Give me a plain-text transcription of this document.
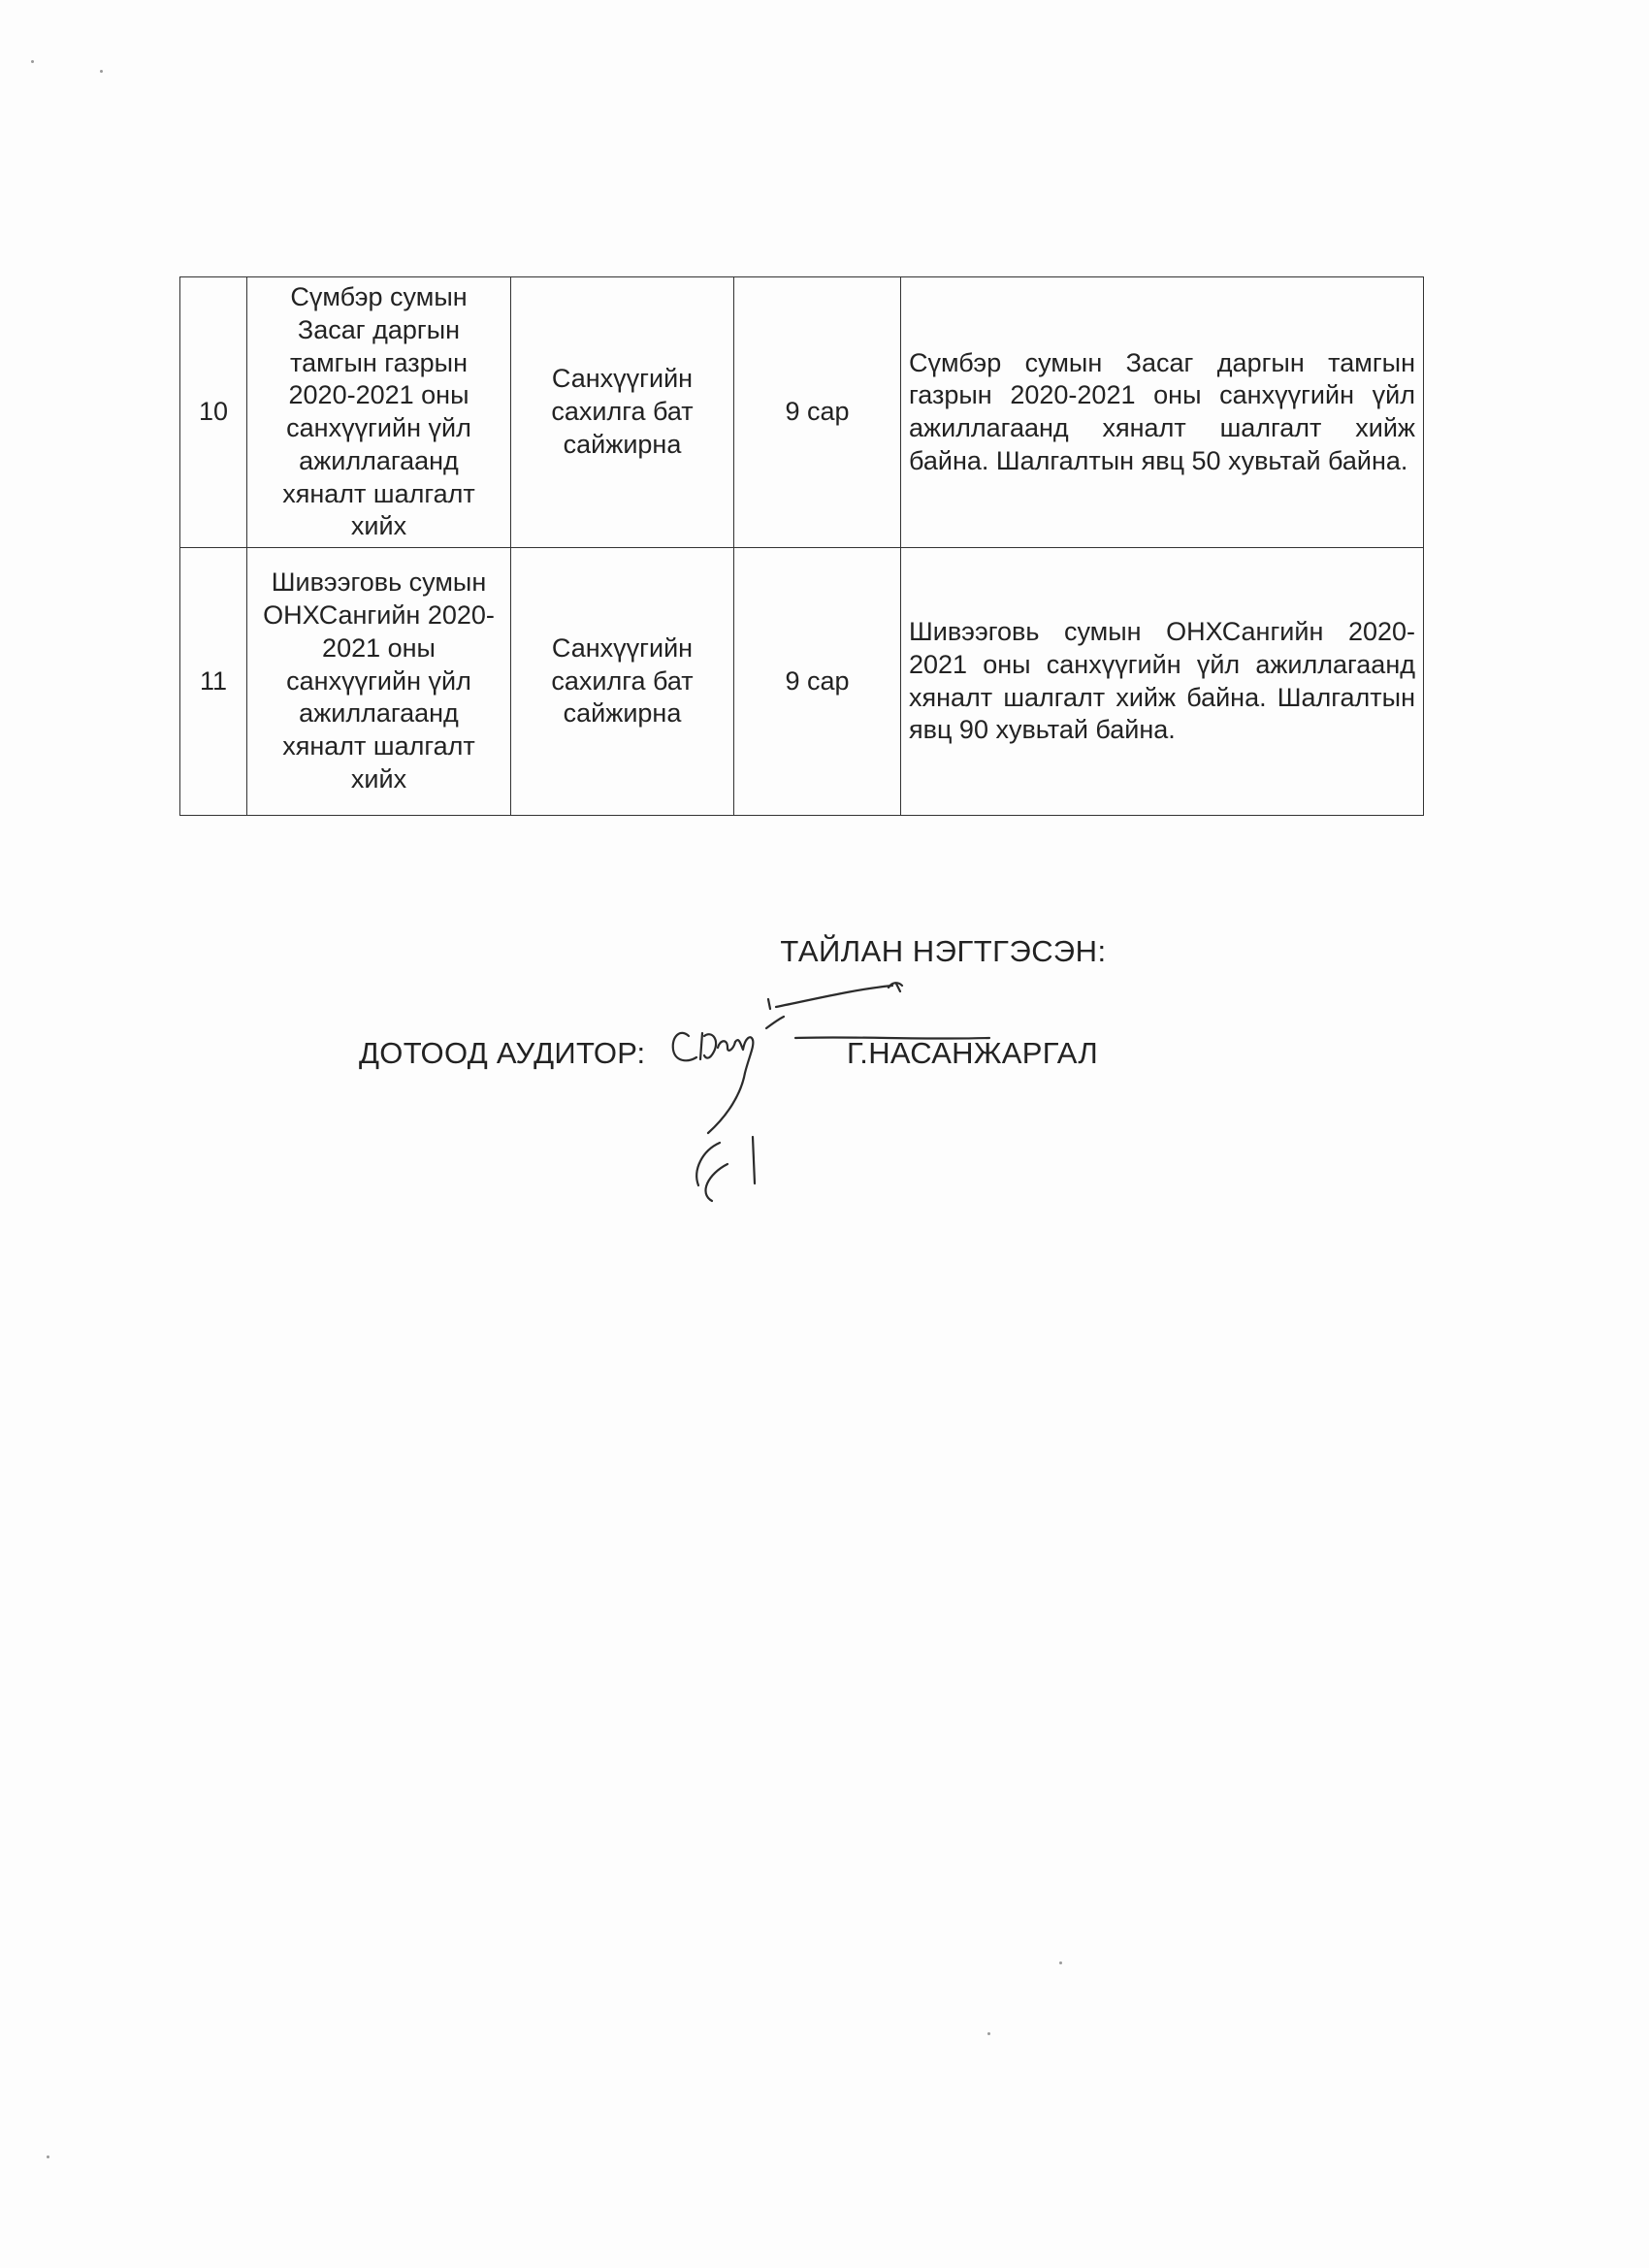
10	Сүмбэр сумын Засаг даргын тамгын газрын 2020-2021 оны санхүүгийн үйл ажиллагаанд хяналт шалгалт хийх	Санхүүгийн сахилга бат сайжирна	9 сар	Сүмбэр сумын Засаг даргын тамгын газрын 2020-2021 оны санхүүгийн үйл ажиллагаанд хяналт шалгалт хийж байна. Шалгалтын явц 50 хувьтай байна.
11	Шивээговь сумын ОНХСангийн 2020-2021 оны санхүүгийн үйл ажиллагаанд хяналт шалгалт хийх	Санхүүгийн сахилга бат сайжирна	9 сар	Шивээговь сумын ОНХСангийн 2020-2021 оны санхүүгийн үйл ажиллагаанд хяналт шалгалт хийж байна. Шалгалтын явц 90 хувьтай байна.
ТАЙЛАН НЭГТГЭСЭН:
ДОТООД АУДИТОР:	Г.НАСАНЖАРГАЛ
